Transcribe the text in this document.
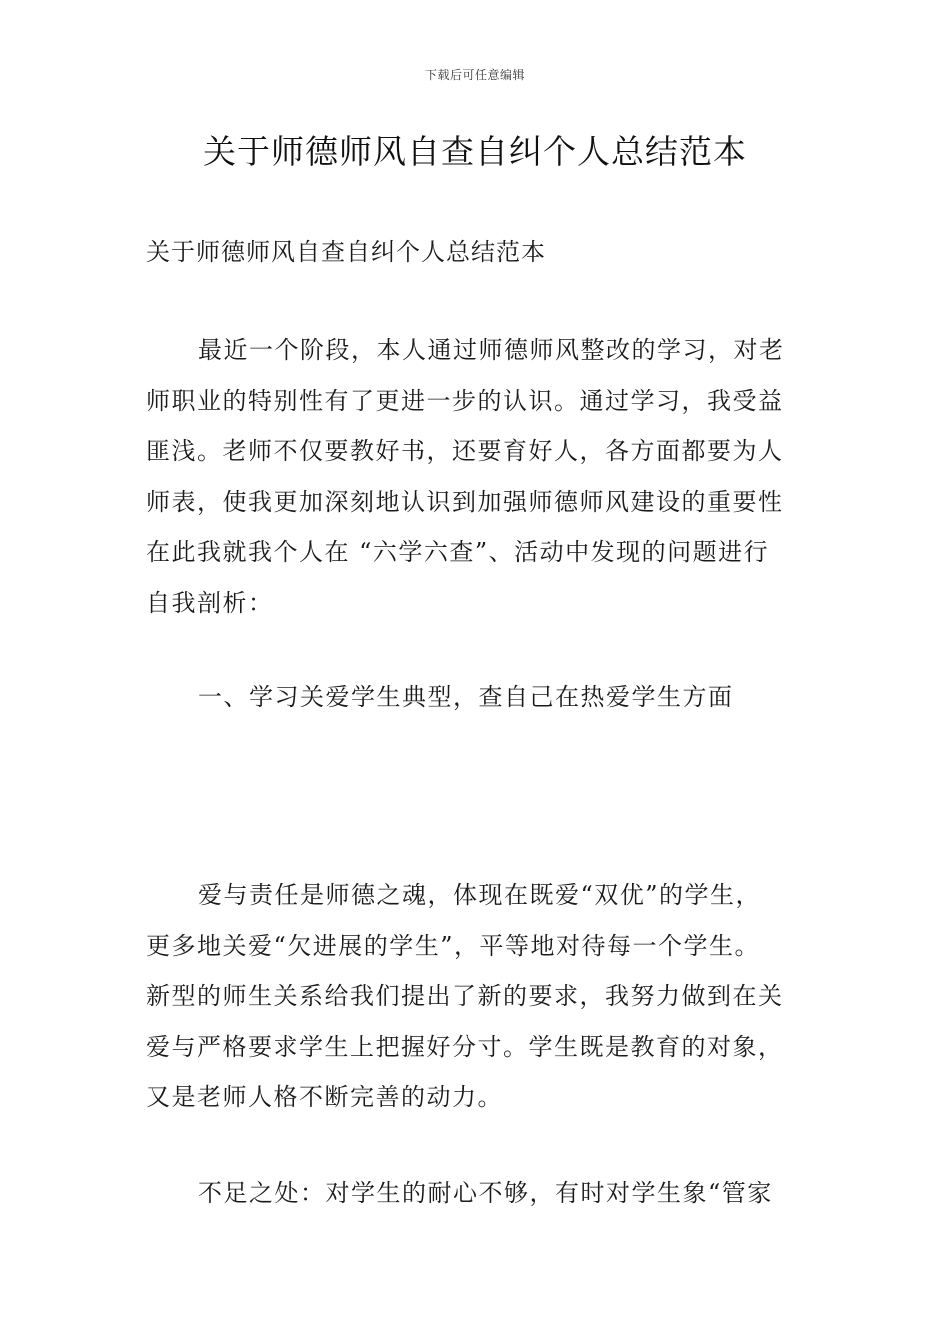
下载后可任意编辑
关于师德师风自查自纠个人总结范本
关于师德师风自查自纠个人总结范本
最近一个阶段，本人通过师德师风整改的学习，对老
师职业的特别性有了更进一步的认识。通过学习，我受益
匪浅。老师不仅要教好书，还要育好人，各方面都要为人
师表，使我更加深刻地认识到加强师德师风建设的重要性
在此我就我个人在 “六学六查”、活动中发现的问题进行
自我剖析：
一、学习关爱学生典型，查自己在热爱学生方面
爱与责任是师德之魂，体现在既爱“双优”的学生，
更多地关爱“欠进展的学生”，平等地对待每一个学生。
新型的师生关系给我们提出了新的要求，我努力做到在关
爱与严格要求学生上把握好分寸。学生既是教育的对象，
又是老师人格不断完善的动力。
不足之处：对学生的耐心不够，有时对学生象“管家
